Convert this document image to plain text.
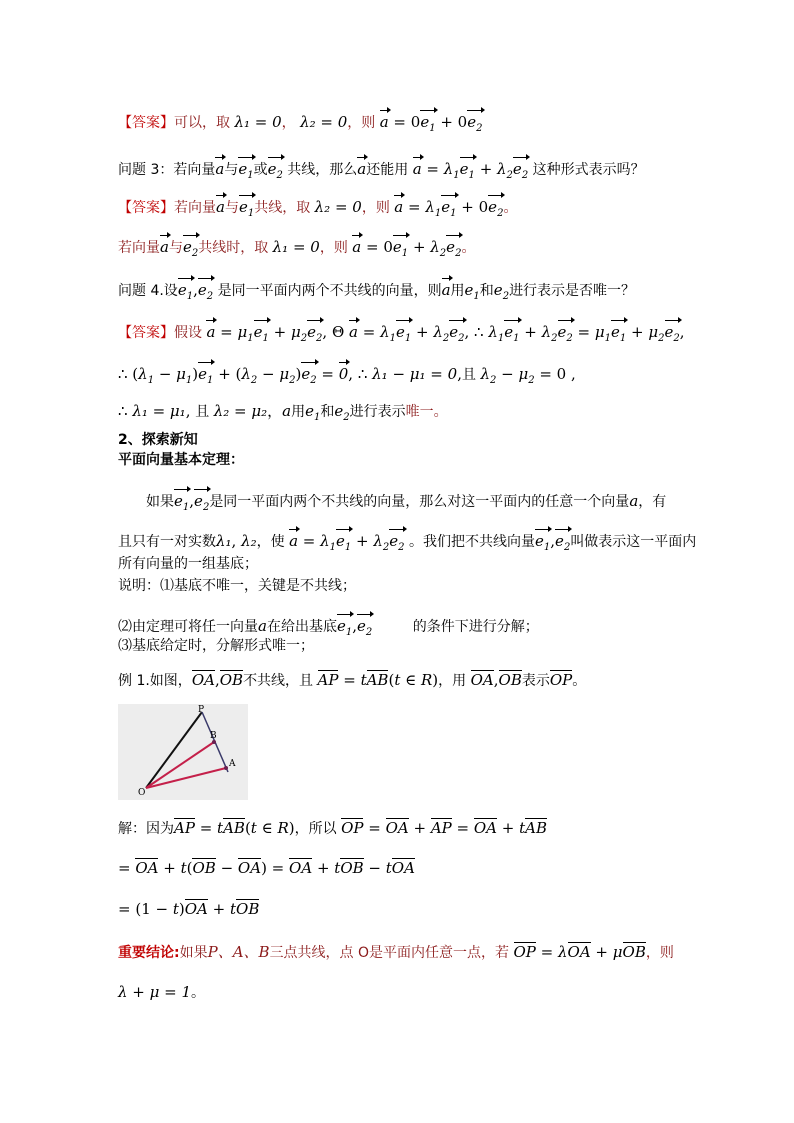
【答案】可以，取 λ₁ = 0， λ₂ = 0，则 $a = 0e_1 + 0e_2$
问题 3：若向量a与$e_1$或$e_2$ 共线，那么a还能用 $a = \lambda_1e_1 + \lambda_2e_2$ 这种形式表示吗？
【答案】若向量a与$e_1$共线，取 λ₂ = 0，则 $a = \lambda_1e_1 + 0e_2$。
若向量a与$e_2$共线时，取 λ₁ = 0，则 $a = 0e_1 + \lambda_2e_2$。
问题 4.设$e_1,e_2$ 是同一平面内两个不共线的向量，则a用$e_1$和$e_2$进行表示是否唯一？
【答案】假设 $a = \mu_1e_1 + \mu_2e_2$, Θ $a = \lambda_1e_1 + \lambda_2e_2$, ∴ $\lambda_1e_1 + \lambda_2e_2 = \mu_1e_1 + \mu_2e_2$,
∴ $(\lambda_1 - \mu_1)e_1 + (\lambda_2 - \mu_2)e_2 = 0$, ∴ λ₁ − μ₁ = 0,且 $\lambda_2 - \mu_2 = 0$ ,
∴ λ₁ = μ₁, 且 λ₂ = μ₂，a用$e_1$和$e_2$进行表示唯一。
2、探索新知
平面向量基本定理：
如果$e_1,e_2$是同一平面内两个不共线的向量，那么对这一平面内的任意一个向量a，有
且只有一对实数λ₁, λ₂，使 $a = \lambda_1e_1 + \lambda_2e_2$ 。我们把不共线向量$e_1,e_2$叫做表示这一平面内
所有向量的一组基底；
说明：⑴基底不唯一，关键是不共线；
⑵由定理可将任一向量a在给出基底$e_1,e_2$	的条件下进行分解；
⑶基底给定时，分解形式唯一；
例 1.如图，OA,OB不共线，且 AP = tAB(t ∈ R)，用 OA,OB表示OP。
P
B
A
O
解：因为AP = tAB(t ∈ R)，所以 OP = OA + AP = OA + tAB
= OA + t(OB − OA) = OA + tOB − tOA
= (1 − t)OA + tOB
重要结论:如果P、A、B三点共线，点 O是平面内任意一点，若 OP = λOA + μOB，则
λ + μ = 1。
